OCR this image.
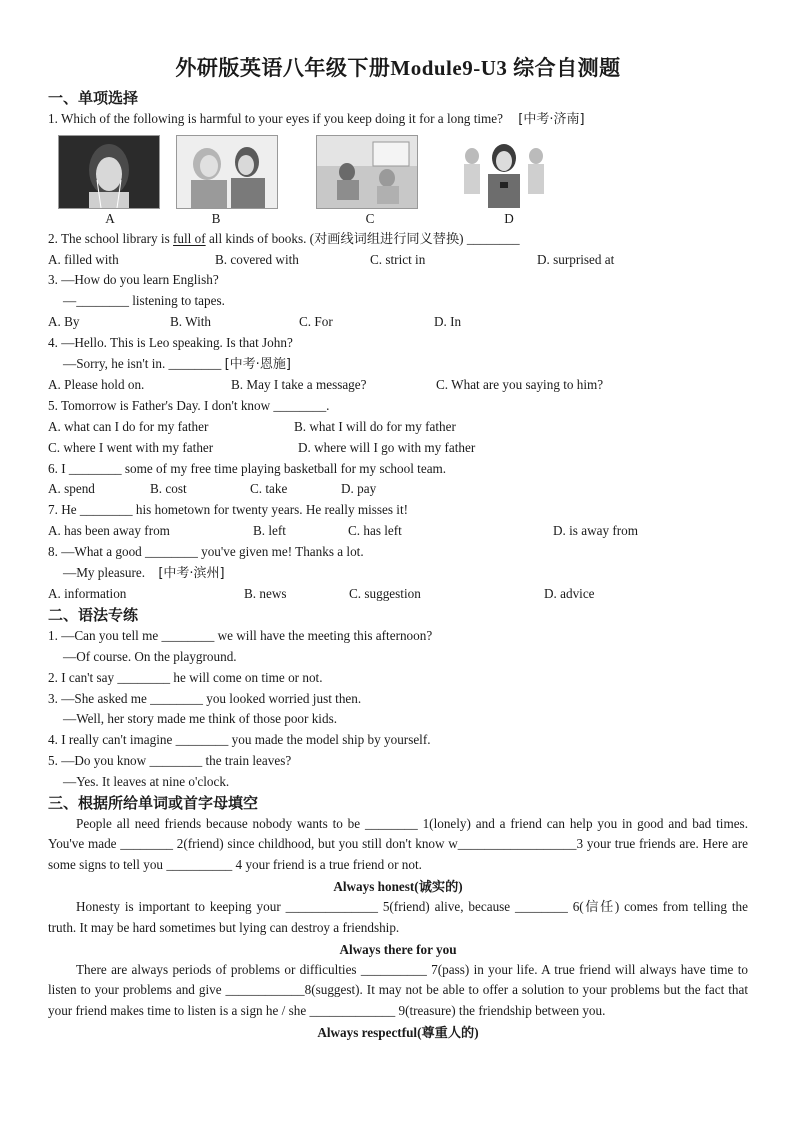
外研版英语八年级下册Module9-U3 综合自测题
一、单项选择
1. Which of the following is harmful to your eyes if you keep doing it for a long time? [中考·济南]
A	B	C	D
2. The school library is full of all kinds of books. (对画线词组进行同义替换) ________
A. filled with	B. covered with	C. strict in	D. surprised at
3. —How do you learn English?
—________ listening to tapes.
A. By	B. With	C. For	D. In
4. —Hello. This is Leo speaking. Is that John?
—Sorry, he isn't in. ________ [中考·恩施]
A. Please hold on.	B. May I take a message?	C. What are you saying to him?
5. Tomorrow is Father's Day. I don't know ________.
A. what can I do for my father	B. what I will do for my father
C. where I went with my father	D. where will I go with my father
6. I ________ some of my free time playing basketball for my school team.
A. spend	B. cost	C. take	D. pay
7. He ________ his hometown for twenty years. He really misses it!
A. has been away from	B. left	C. has left	D. is away from
8. —What a good ________ you've given me! Thanks a lot.
—My pleasure. [中考·滨州]
A. information	B. news	C. suggestion	D. advice
二、语法专练
1. —Can you tell me ________ we will have the meeting this afternoon?
—Of course. On the playground.
2. I can't say ________ he will come on time or not.
3. —She asked me ________ you looked worried just then.
—Well, her story made me think of those poor kids.
4. I really can't imagine ________ you made the model ship by yourself.
5. —Do you know ________ the train leaves?
—Yes. It leaves at nine o'clock.
三、根据所给单词或首字母填空

People all need friends because nobody wants to be ________ 1(lonely) and a friend can help you in good and bad times. You've made ________ 2(friend) since childhood, but you still don't know w__________________3 your true friends are. Here are some signs to tell you __________ 4 your friend is a true friend or not.

Always honest(诚实的)

Honesty is important to keeping your ______________ 5(friend) alive, because ________ 6(信任) comes from telling the truth. It may be hard sometimes but lying can destroy a friendship.

Always there for you

There are always periods of problems or difficulties __________ 7(pass) in your life. A true friend will always have time to listen to your problems and give ____________8(suggest). It may not be able to offer a solution to your problems but the fact that your friend makes time to listen is a sign he / she _____________ 9(treasure) the friendship between you.

Always respectful(尊重人的)
